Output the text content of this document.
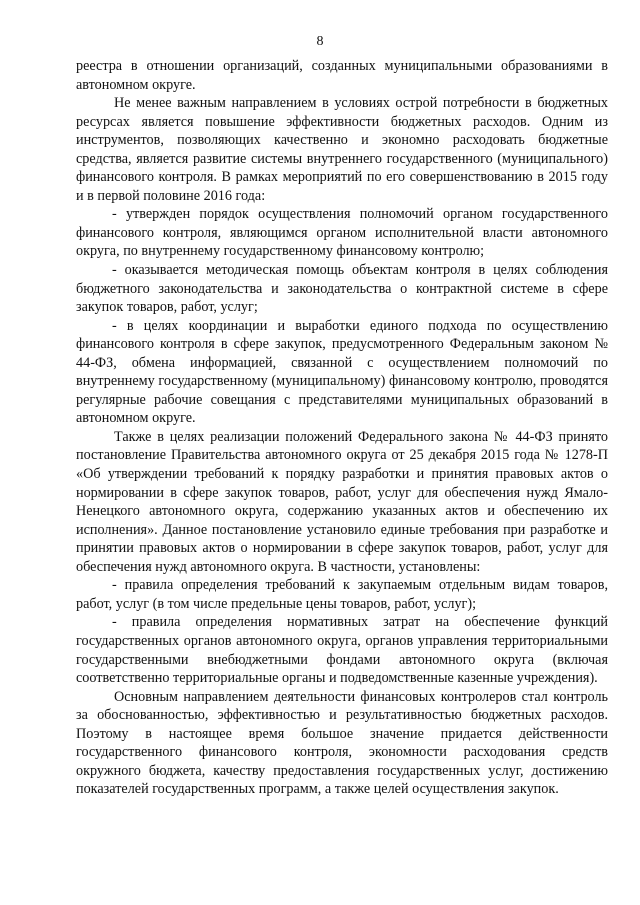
8

реестра в отношении организаций, созданных муниципальными образованиями в автономном округе.

Не менее важным направлением в условиях острой потребности в бюджетных ресурсах является повышение эффективности бюджетных расходов. Одним из инструментов, позволяющих качественно и экономно расходовать бюджетные средства, является развитие системы внутреннего государственного (муниципального) финансового контроля. В рамках мероприятий по его совершенствованию в 2015 году и в первой половине 2016 года:

- утвержден порядок осуществления полномочий органом государственного финансового контроля, являющимся органом исполнительной власти автономного округа, по внутреннему государственному финансовому контролю;

- оказывается методическая помощь объектам контроля в целях соблюдения бюджетного законодательства и законодательства о контрактной системе в сфере закупок товаров, работ, услуг;

- в целях координации и выработки единого подхода по осуществлению финансового контроля в сфере закупок, предусмотренного Федеральным законом № 44-ФЗ, обмена информацией, связанной с осуществлением полномочий по внутреннему государственному (муниципальному) финансовому контролю, проводятся регулярные рабочие совещания с представителями муниципальных образований в автономном округе.

Также в целях реализации положений Федерального закона № 44-ФЗ принято постановление Правительства автономного округа от 25 декабря 2015 года № 1278-П «Об утверждении требований к порядку разработки и принятия правовых актов о нормировании в сфере закупок товаров, работ, услуг для обеспечения нужд Ямало-Ненецкого автономного округа, содержанию указанных актов и обеспечению их исполнения». Данное постановление установило единые требования при разработке и принятии правовых актов о нормировании в сфере закупок товаров, работ, услуг для обеспечения нужд автономного округа. В частности, установлены:

- правила определения требований к закупаемым отдельным видам товаров, работ, услуг (в том числе предельные цены товаров, работ, услуг);

- правила определения нормативных затрат на обеспечение функций государственных органов автономного округа, органов управления территориальными государственными внебюджетными фондами автономного округа (включая соответственно территориальные органы и подведомственные казенные учреждения).

Основным направлением деятельности финансовых контролеров стал контроль за обоснованностью, эффективностью и результативностью бюджетных расходов. Поэтому в настоящее время большое значение придается действенности государственного финансового контроля, экономности расходования средств окружного бюджета, качеству предоставления государственных услуг, достижению показателей государственных программ, а также целей осуществления закупок.
